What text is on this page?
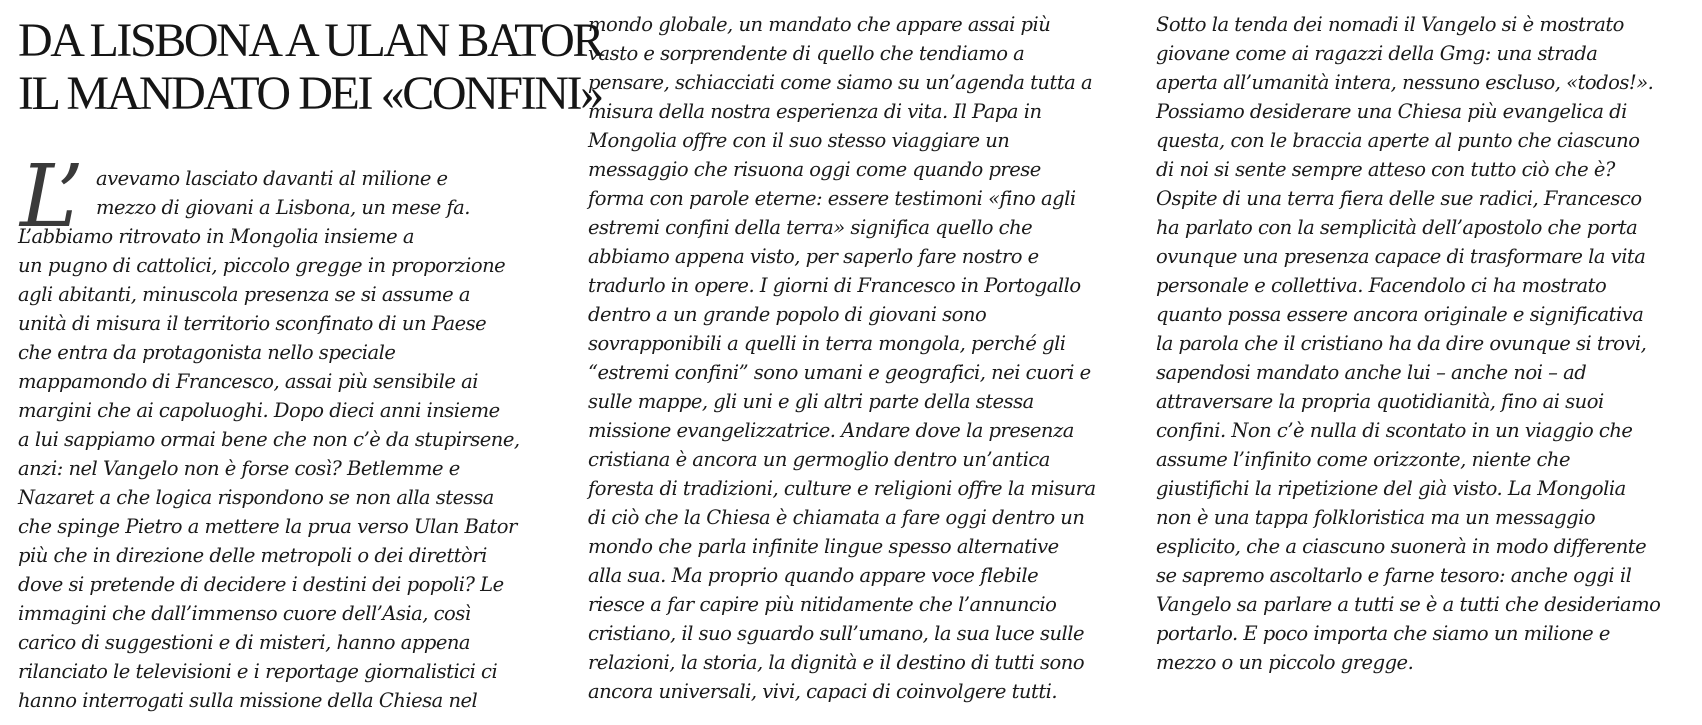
DA LISBONA A ULAN BATOR
IL MANDATO DEI «CONFINI»
L’ avevamo lasciato davanti al milione e
mezzo di giovani a Lisbona, un mese fa.
L’abbiamo ritrovato in Mongolia insieme a
un pugno di cattolici, piccolo gregge in proporzione
agli abitanti, minuscola presenza se si assume a
unità di misura il territorio sconfinato di un Paese
che entra da protagonista nello speciale
mappamondo di Francesco, assai più sensibile ai
margini che ai capoluoghi. Dopo dieci anni insieme
a lui sappiamo ormai bene che non c’è da stupirsene,
anzi: nel Vangelo non è forse così? Betlemme e
Nazaret a che logica rispondono se non alla stessa
che spinge Pietro a mettere la prua verso Ulan Bator
più che in direzione delle metropoli o dei direttòri
dove si pretende di decidere i destini dei popoli? Le
immagini che dall’immenso cuore dell’Asia, così
carico di suggestioni e di misteri, hanno appena
rilanciato le televisioni e i reportage giornalistici ci
hanno interrogati sulla missione della Chiesa nel
mondo globale, un mandato che appare assai più
vasto e sorprendente di quello che tendiamo a
pensare, schiacciati come siamo su un’agenda tutta a
misura della nostra esperienza di vita. Il Papa in
Mongolia offre con il suo stesso viaggiare un
messaggio che risuona oggi come quando prese
forma con parole eterne: essere testimoni «fino agli
estremi confini della terra» significa quello che
abbiamo appena visto, per saperlo fare nostro e
tradurlo in opere. I giorni di Francesco in Portogallo
dentro a un grande popolo di giovani sono
sovrapponibili a quelli in terra mongola, perché gli
“estremi confini” sono umani e geografici, nei cuori e
sulle mappe, gli uni e gli altri parte della stessa
missione evangelizzatrice. Andare dove la presenza
cristiana è ancora un germoglio dentro un’antica
foresta di tradizioni, culture e religioni offre la misura
di ciò che la Chiesa è chiamata a fare oggi dentro un
mondo che parla infinite lingue spesso alternative
alla sua. Ma proprio quando appare voce flebile
riesce a far capire più nitidamente che l’annuncio
cristiano, il suo sguardo sull’umano, la sua luce sulle
relazioni, la storia, la dignità e il destino di tutti sono
ancora universali, vivi, capaci di coinvolgere tutti.
Sotto la tenda dei nomadi il Vangelo si è mostrato
giovane come ai ragazzi della Gmg: una strada
aperta all’umanità intera, nessuno escluso, «todos!».
Possiamo desiderare una Chiesa più evangelica di
questa, con le braccia aperte al punto che ciascuno
di noi si sente sempre atteso con tutto ciò che è?
Ospite di una terra fiera delle sue radici, Francesco
ha parlato con la semplicità dell’apostolo che porta
ovunque una presenza capace di trasformare la vita
personale e collettiva. Facendolo ci ha mostrato
quanto possa essere ancora originale e significativa
la parola che il cristiano ha da dire ovunque si trovi,
sapendosi mandato anche lui – anche noi – ad
attraversare la propria quotidianità, fino ai suoi
confini. Non c’è nulla di scontato in un viaggio che
assume l’infinito come orizzonte, niente che
giustifichi la ripetizione del già visto. La Mongolia
non è una tappa folkloristica ma un messaggio
esplicito, che a ciascuno suonerà in modo differente
se sapremo ascoltarlo e farne tesoro: anche oggi il
Vangelo sa parlare a tutti se è a tutti che desideriamo
portarlo. E poco importa che siamo un milione e
mezzo o un piccolo gregge.
